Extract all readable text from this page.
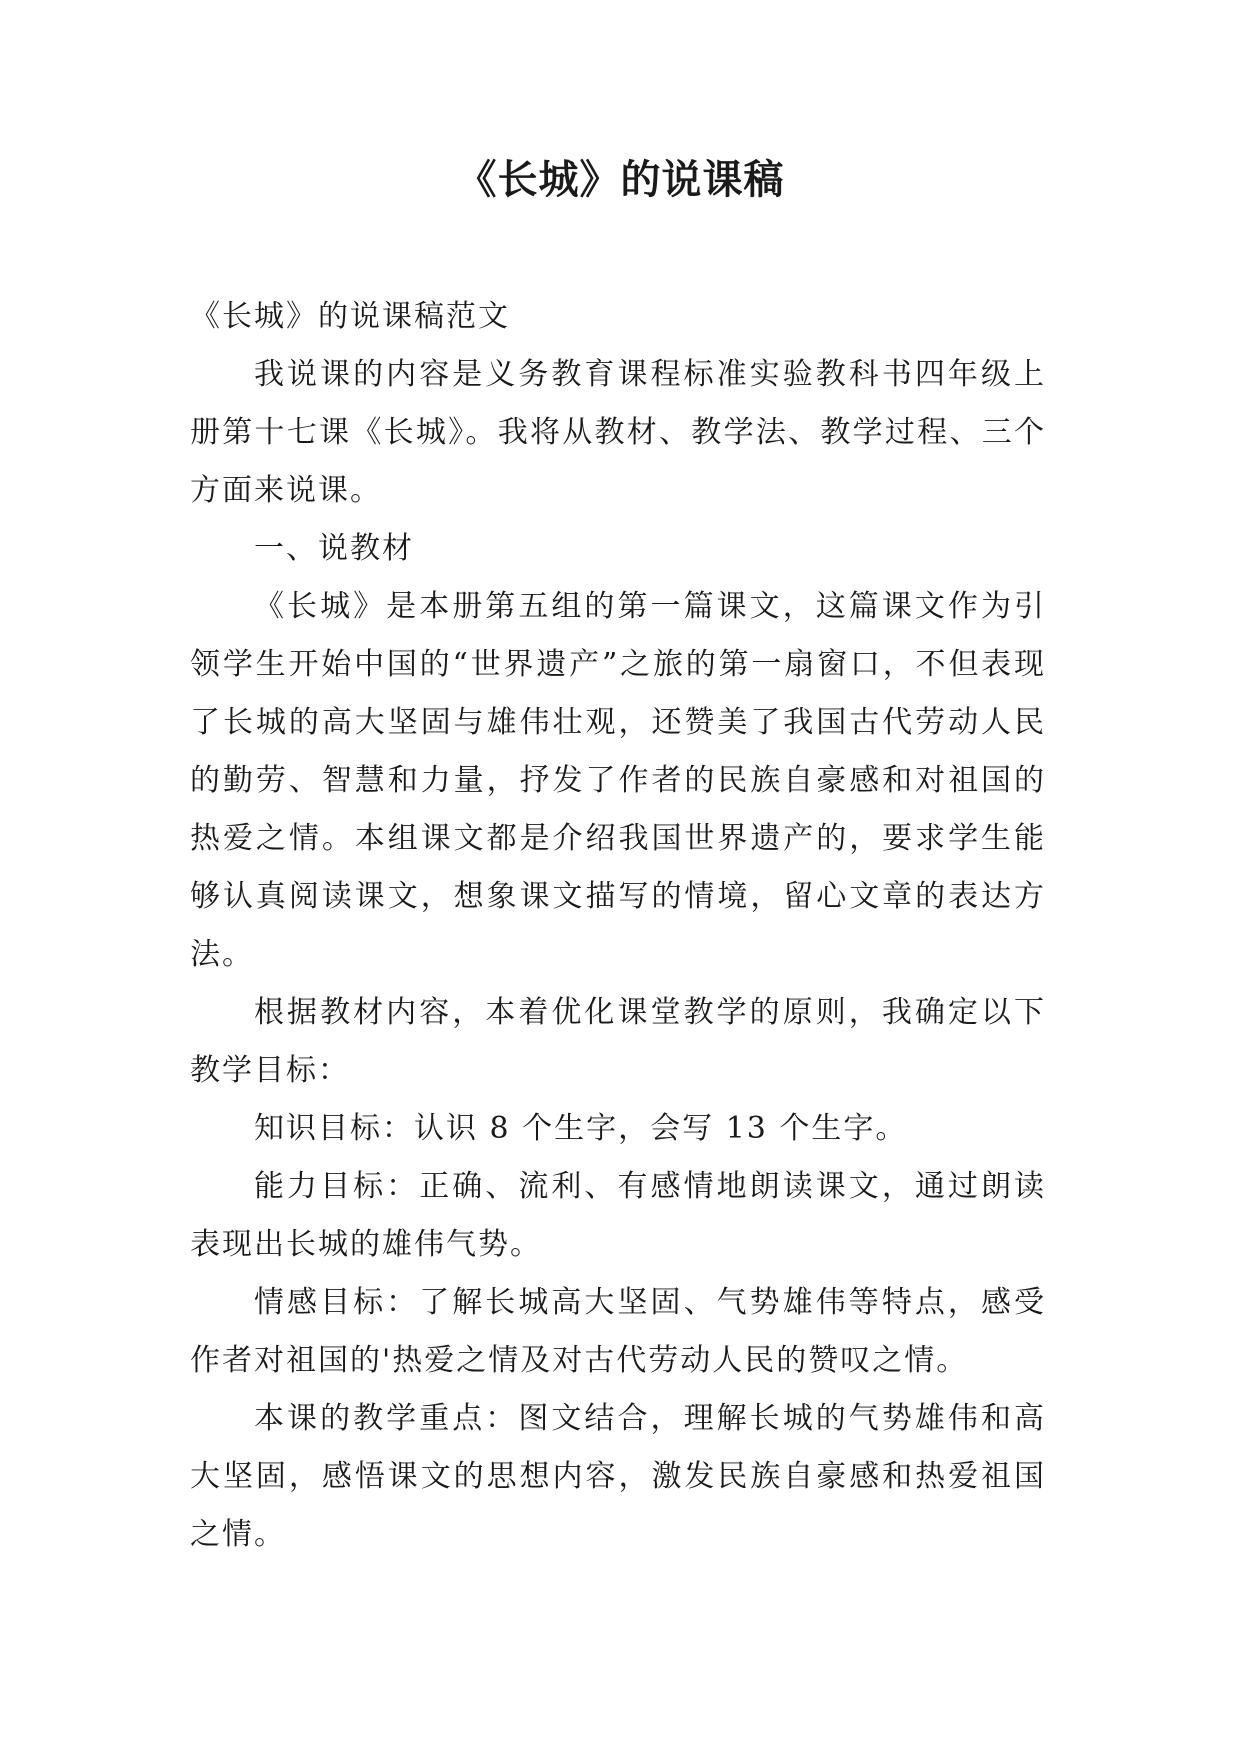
《长城》的说课稿

《长城》的说课稿范文

我说课的内容是义务教育课程标准实验教科书四年级上册第十七课《长城》。我将从教材、教学法、教学过程、三个方面来说课。

一、说教材

《长城》是本册第五组的第一篇课文，这篇课文作为引领学生开始中国的“世界遗产”之旅的第一扇窗口，不但表现了长城的高大坚固与雄伟壮观，还赞美了我国古代劳动人民的勤劳、智慧和力量，抒发了作者的民族自豪感和对祖国的热爱之情。本组课文都是介绍我国世界遗产的，要求学生能够认真阅读课文，想象课文描写的情境，留心文章的表达方法。

根据教材内容，本着优化课堂教学的原则，我确定以下教学目标：

知识目标：认识 8 个生字，会写 13 个生字。

能力目标：正确、流利、有感情地朗读课文，通过朗读表现出长城的雄伟气势。

情感目标：了解长城高大坚固、气势雄伟等特点，感受作者对祖国的'热爱之情及对古代劳动人民的赞叹之情。

本课的教学重点：图文结合，理解长城的气势雄伟和高大坚固，感悟课文的思想内容，激发民族自豪感和热爱祖国之情。
